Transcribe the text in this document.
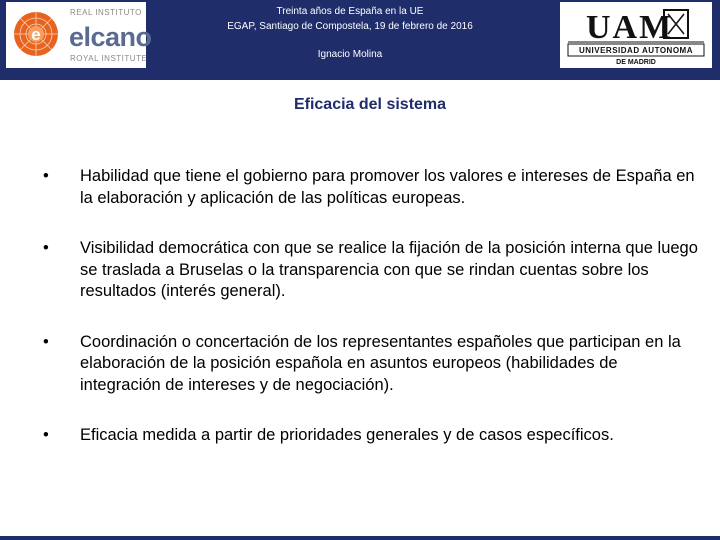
e
REAL INSTITUTO
elcano
ROYAL INSTITUTE
Treinta años de España en la UE
EGAP, Santiago de Compostela, 19 de febrero de 2016
Ignacio Molina
UAM
UNIVERSIDAD AUTONOMA
DE MADRID
Eficacia del sistema
• Habilidad que tiene el gobierno para promover los valores e intereses de España en la elaboración y aplicación de las políticas europeas.
• Visibilidad democrática con que se realice la fijación de la posición interna que luego se traslada a Bruselas o la transparencia con que se rindan cuentas sobre los resultados (interés general).
• Coordinación o concertación de los representantes españoles que participan en la elaboración de la posición española en asuntos europeos (habilidades de integración de intereses y de negociación).
• Eficacia medida a partir de prioridades generales y de casos específicos.
